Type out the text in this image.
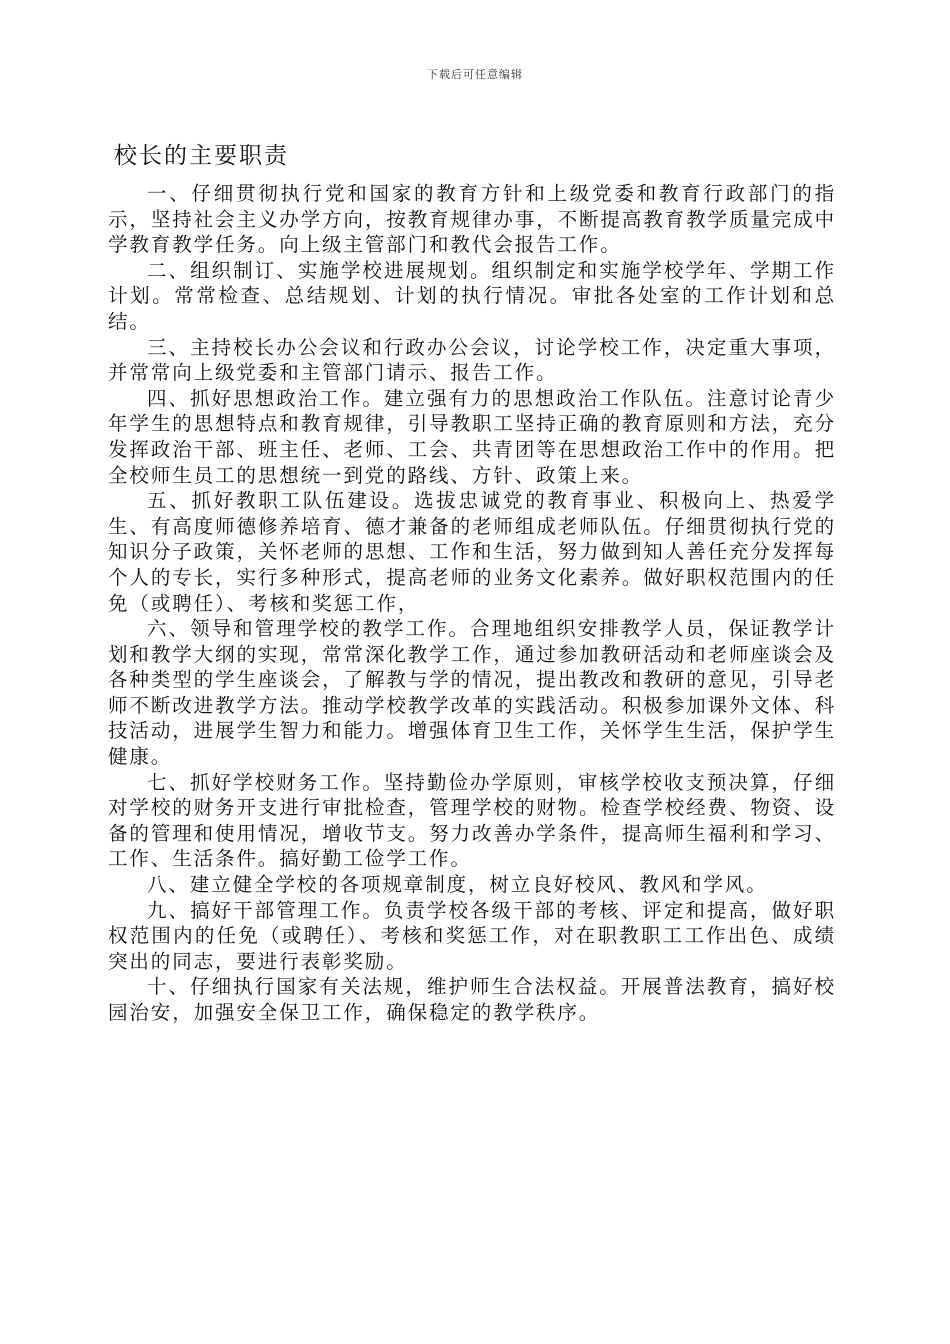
下载后可任意编辑
校长的主要职责

一、仔细贯彻执行党和国家的教育方针和上级党委和教育行政部门的指示，坚持社会主义办学方向，按教育规律办事，不断提高教育教学质量完成中学教育教学任务。向上级主管部门和教代会报告工作。

二、组织制订、实施学校进展规划。组织制定和实施学校学年、学期工作计划。常常检查、总结规划、计划的执行情况。审批各处室的工作计划和总结。

三、主持校长办公会议和行政办公会议，讨论学校工作，决定重大事项，并常常向上级党委和主管部门请示、报告工作。

四、抓好思想政治工作。建立强有力的思想政治工作队伍。注意讨论青少年学生的思想特点和教育规律，引导教职工坚持正确的教育原则和方法，充分发挥政治干部、班主任、老师、工会、共青团等在思想政治工作中的作用。把全校师生员工的思想统一到党的路线、方针、政策上来。

五、抓好教职工队伍建设。选拔忠诚党的教育事业、积极向上、热爱学生、有高度师德修养培育、德才兼备的老师组成老师队伍。仔细贯彻执行党的知识分子政策，关怀老师的思想、工作和生活，努力做到知人善任充分发挥每个人的专长，实行多种形式，提高老师的业务文化素养。做好职权范围内的任免（或聘任）、考核和奖惩工作，

六、领导和管理学校的教学工作。合理地组织安排教学人员，保证教学计划和教学大纲的实现，常常深化教学工作，通过参加教研活动和老师座谈会及各种类型的学生座谈会，了解教与学的情况，提出教改和教研的意见，引导老师不断改进教学方法。推动学校教学改革的实践活动。积极参加课外文体、科技活动，进展学生智力和能力。增强体育卫生工作，关怀学生生活，保护学生健康。

七、抓好学校财务工作。坚持勤俭办学原则，审核学校收支预决算，仔细对学校的财务开支进行审批检查，管理学校的财物。检查学校经费、物资、设备的管理和使用情况，增收节支。努力改善办学条件，提高师生福利和学习、工作、生活条件。搞好勤工俭学工作。

八、建立健全学校的各项规章制度，树立良好校风、教风和学风。

九、搞好干部管理工作。负责学校各级干部的考核、评定和提高，做好职权范围内的任免（或聘任）、考核和奖惩工作，对在职教职工工作出色、成绩突出的同志，要进行表彰奖励。

十、仔细执行国家有关法规，维护师生合法权益。开展普法教育，搞好校园治安，加强安全保卫工作，确保稳定的教学秩序。
